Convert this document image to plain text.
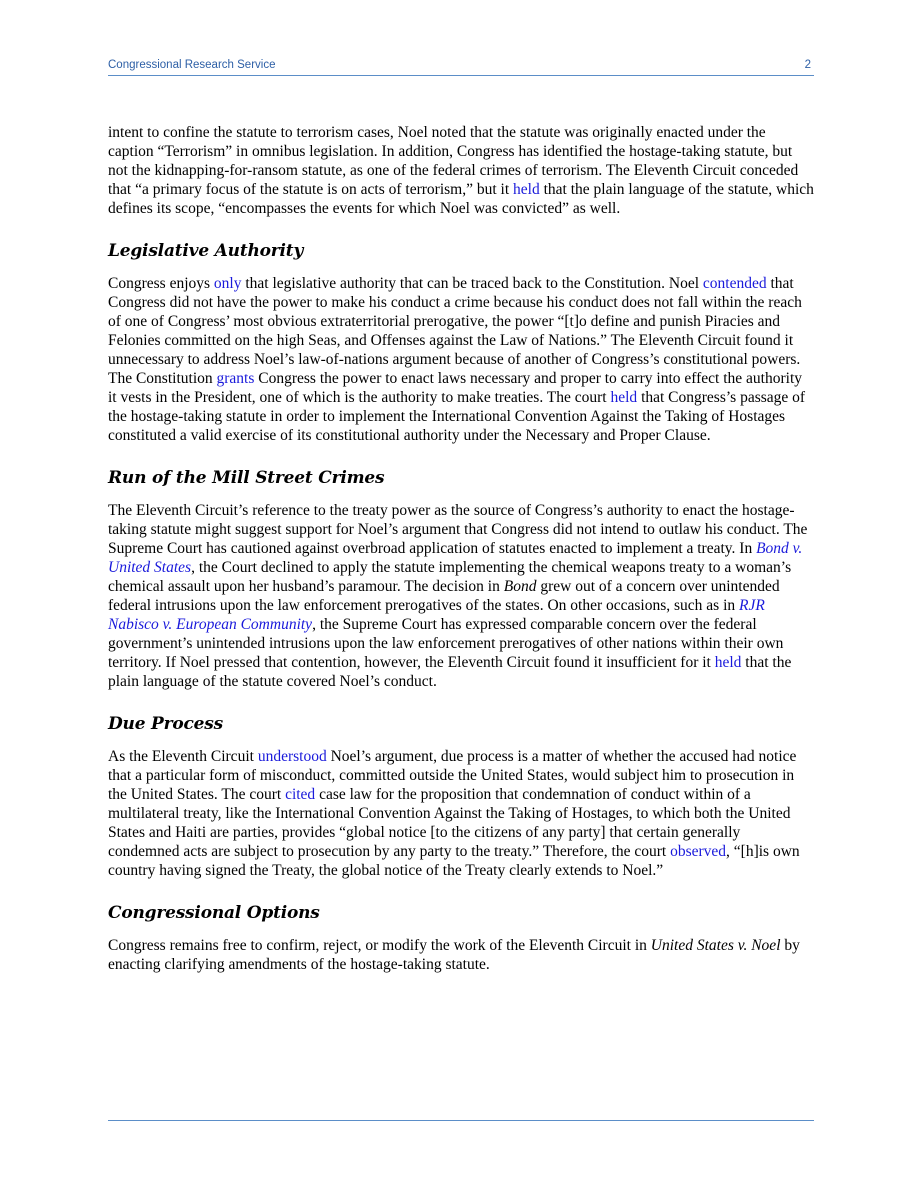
Congressional Research Service	2

intent to confine the statute to terrorism cases, Noel noted that the statute was originally enacted under the caption “Terrorism” in omnibus legislation. In addition, Congress has identified the hostage-taking statute, but not the kidnapping-for-ransom statute, as one of the federal crimes of terrorism. The Eleventh Circuit conceded that “a primary focus of the statute is on acts of terrorism,” but it held that the plain language of the statute, which defines its scope, “encompasses the events for which Noel was convicted” as well.

Legislative Authority

Congress enjoys only that legislative authority that can be traced back to the Constitution. Noel contended that Congress did not have the power to make his conduct a crime because his conduct does not fall within the reach of one of Congress’ most obvious extraterritorial prerogative, the power “[t]o define and punish Piracies and Felonies committed on the high Seas, and Offenses against the Law of Nations.” The Eleventh Circuit found it unnecessary to address Noel’s law-of-nations argument because of another of Congress’s constitutional powers. The Constitution grants Congress the power to enact laws necessary and proper to carry into effect the authority it vests in the President, one of which is the authority to make treaties. The court held that Congress’s passage of the hostage-taking statute in order to implement the International Convention Against the Taking of Hostages constituted a valid exercise of its constitutional authority under the Necessary and Proper Clause.

Run of the Mill Street Crimes

The Eleventh Circuit’s reference to the treaty power as the source of Congress’s authority to enact the hostage-taking statute might suggest support for Noel’s argument that Congress did not intend to outlaw his conduct. The Supreme Court has cautioned against overbroad application of statutes enacted to implement a treaty. In Bond v. United States, the Court declined to apply the statute implementing the chemical weapons treaty to a woman’s chemical assault upon her husband’s paramour. The decision in Bond grew out of a concern over unintended federal intrusions upon the law enforcement prerogatives of the states. On other occasions, such as in RJR Nabisco v. European Community, the Supreme Court has expressed comparable concern over the federal government’s unintended intrusions upon the law enforcement prerogatives of other nations within their own territory. If Noel pressed that contention, however, the Eleventh Circuit found it insufficient for it held that the plain language of the statute covered Noel’s conduct.

Due Process

As the Eleventh Circuit understood Noel’s argument, due process is a matter of whether the accused had notice that a particular form of misconduct, committed outside the United States, would subject him to prosecution in the United States. The court cited case law for the proposition that condemnation of conduct within of a multilateral treaty, like the International Convention Against the Taking of Hostages, to which both the United States and Haiti are parties, provides “global notice [to the citizens of any party] that certain generally condemned acts are subject to prosecution by any party to the treaty.” Therefore, the court observed, “[h]is own country having signed the Treaty, the global notice of the Treaty clearly extends to Noel.”

Congressional Options

Congress remains free to confirm, reject, or modify the work of the Eleventh Circuit in United States v. Noel by enacting clarifying amendments of the hostage-taking statute.
